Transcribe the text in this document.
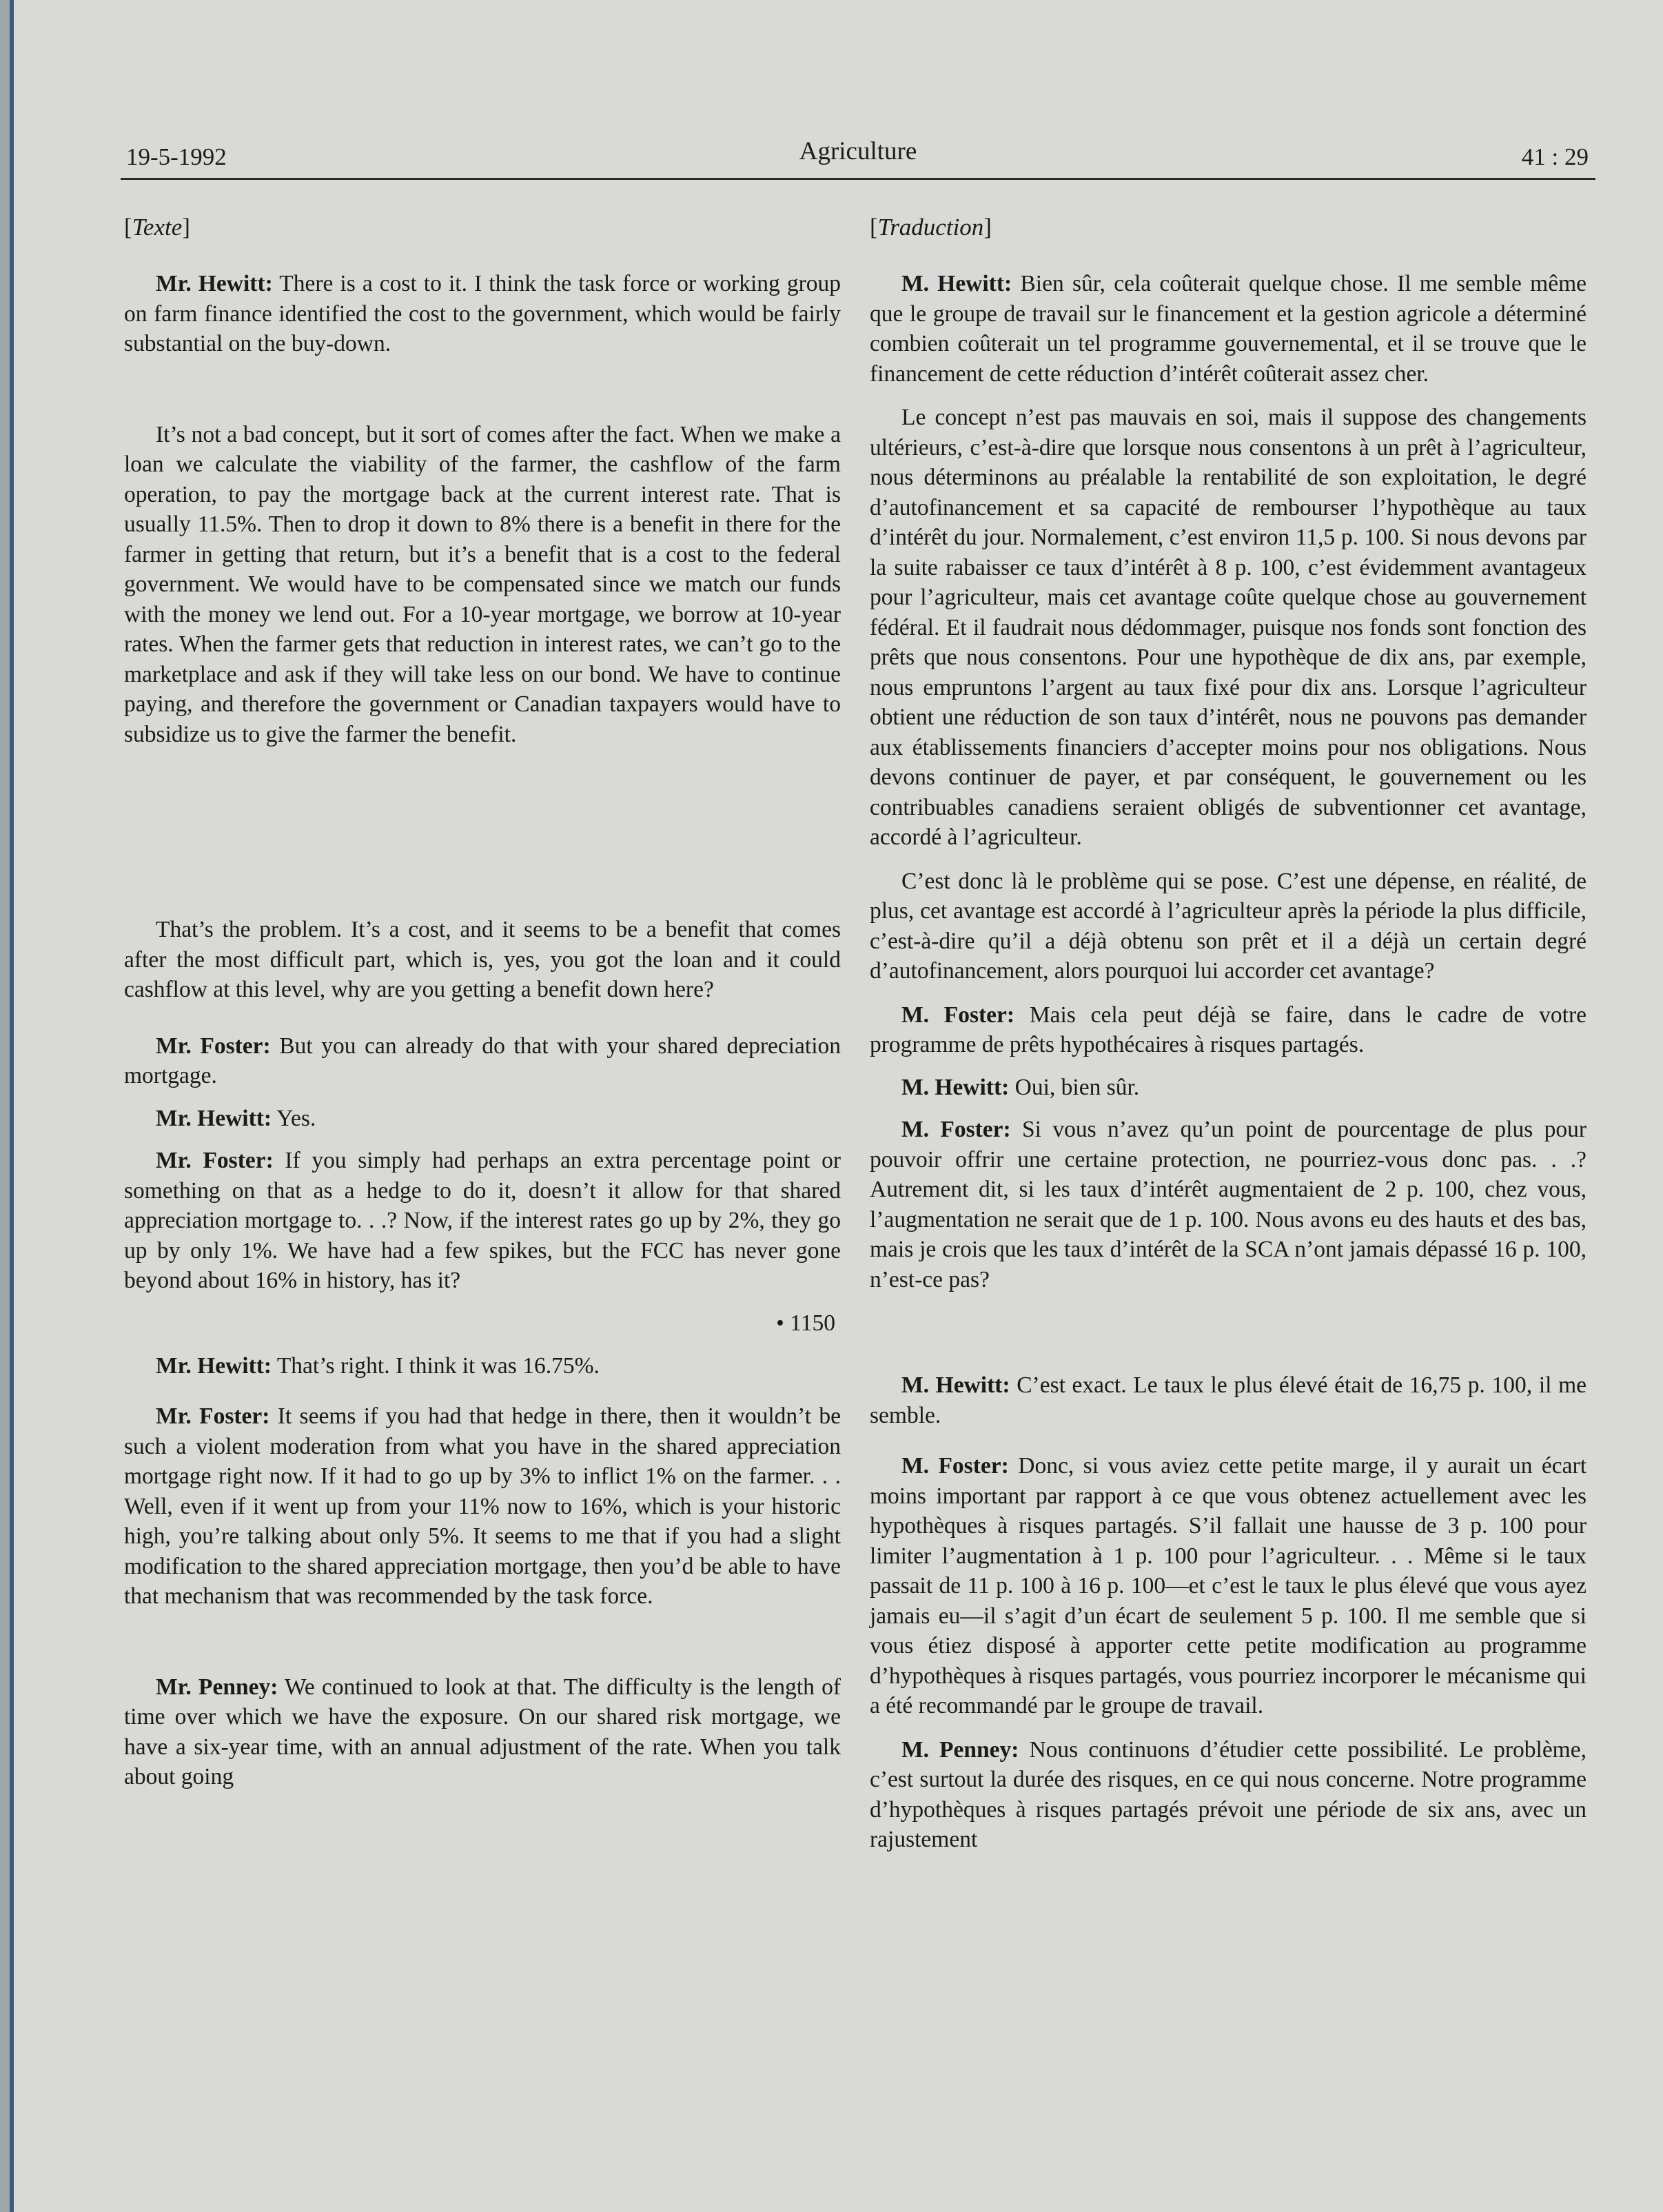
19-5-1992	Agriculture	41 : 29
[Texte]

Mr. Hewitt: There is a cost to it. I think the task force or working group on farm finance identified the cost to the government, which would be fairly substantial on the buy-down.

It’s not a bad concept, but it sort of comes after the fact. When we make a loan we calculate the viability of the farmer, the cashflow of the farm operation, to pay the mortgage back at the current interest rate. That is usually 11.5%. Then to drop it down to 8% there is a benefit in there for the farmer in getting that return, but it’s a benefit that is a cost to the federal government. We would have to be compensated since we match our funds with the money we lend out. For a 10-year mortgage, we borrow at 10-year rates. When the farmer gets that reduction in interest rates, we can’t go to the marketplace and ask if they will take less on our bond. We have to continue paying, and therefore the government or Canadian taxpayers would have to subsidize us to give the farmer the benefit.

That’s the problem. It’s a cost, and it seems to be a benefit that comes after the most difficult part, which is, yes, you got the loan and it could cashflow at this level, why are you getting a benefit down here?

Mr. Foster: But you can already do that with your shared depreciation mortgage.

Mr. Hewitt: Yes.

Mr. Foster: If you simply had perhaps an extra percentage point or something on that as a hedge to do it, doesn’t it allow for that shared appreciation mortgage to. . .? Now, if the interest rates go up by 2%, they go up by only 1%. We have had a few spikes, but the FCC has never gone beyond about 16% in history, has it?

• 1150

Mr. Hewitt: That’s right. I think it was 16.75%.

Mr. Foster: It seems if you had that hedge in there, then it wouldn’t be such a violent moderation from what you have in the shared appreciation mortgage right now. If it had to go up by 3% to inflict 1% on the farmer. . . Well, even if it went up from your 11% now to 16%, which is your historic high, you’re talking about only 5%. It seems to me that if you had a slight modification to the shared appreciation mortgage, then you’d be able to have that mechanism that was recommended by the task force.

Mr. Penney: We continued to look at that. The difficulty is the length of time over which we have the exposure. On our shared risk mortgage, we have a six-year time, with an annual adjustment of the rate. When you talk about going

[Traduction]

M. Hewitt: Bien sûr, cela coûterait quelque chose. Il me semble même que le groupe de travail sur le financement et la gestion agricole a déterminé combien coûterait un tel programme gouvernemental, et il se trouve que le financement de cette réduction d’intérêt coûterait assez cher.

Le concept n’est pas mauvais en soi, mais il suppose des changements ultérieurs, c’est-à-dire que lorsque nous consentons à un prêt à l’agriculteur, nous déterminons au préalable la rentabilité de son exploitation, le degré d’autofinancement et sa capacité de rembourser l’hypothèque au taux d’intérêt du jour. Normalement, c’est environ 11,5 p. 100. Si nous devons par la suite rabaisser ce taux d’intérêt à 8 p. 100, c’est évidemment avantageux pour l’agriculteur, mais cet avantage coûte quelque chose au gouvernement fédéral. Et il faudrait nous dédommager, puisque nos fonds sont fonction des prêts que nous consentons. Pour une hypothèque de dix ans, par exemple, nous empruntons l’argent au taux fixé pour dix ans. Lorsque l’agriculteur obtient une réduction de son taux d’intérêt, nous ne pouvons pas demander aux établissements financiers d’accepter moins pour nos obligations. Nous devons continuer de payer, et par conséquent, le gouvernement ou les contribuables canadiens seraient obligés de subventionner cet avantage, accordé à l’agriculteur.

C’est donc là le problème qui se pose. C’est une dépense, en réalité, de plus, cet avantage est accordé à l’agriculteur après la période la plus difficile, c’est-à-dire qu’il a déjà obtenu son prêt et il a déjà un certain degré d’autofinancement, alors pourquoi lui accorder cet avantage?

M. Foster: Mais cela peut déjà se faire, dans le cadre de votre programme de prêts hypothécaires à risques partagés.

M. Hewitt: Oui, bien sûr.

M. Foster: Si vous n’avez qu’un point de pourcentage de plus pour pouvoir offrir une certaine protection, ne pourriez-vous donc pas. . .? Autrement dit, si les taux d’intérêt augmentaient de 2 p. 100, chez vous, l’augmentation ne serait que de 1 p. 100. Nous avons eu des hauts et des bas, mais je crois que les taux d’intérêt de la SCA n’ont jamais dépassé 16 p. 100, n’est-ce pas?

M. Hewitt: C’est exact. Le taux le plus élevé était de 16,75 p. 100, il me semble.

M. Foster: Donc, si vous aviez cette petite marge, il y aurait un écart moins important par rapport à ce que vous obtenez actuellement avec les hypothèques à risques partagés. S’il fallait une hausse de 3 p. 100 pour limiter l’augmentation à 1 p. 100 pour l’agriculteur. . . Même si le taux passait de 11 p. 100 à 16 p. 100—et c’est le taux le plus élevé que vous ayez jamais eu—il s’agit d’un écart de seulement 5 p. 100. Il me semble que si vous étiez disposé à apporter cette petite modification au programme d’hypothèques à risques partagés, vous pourriez incorporer le mécanisme qui a été recommandé par le groupe de travail.

M. Penney: Nous continuons d’étudier cette possibilité. Le problème, c’est surtout la durée des risques, en ce qui nous concerne. Notre programme d’hypothèques à risques partagés prévoit une période de six ans, avec un rajustement
